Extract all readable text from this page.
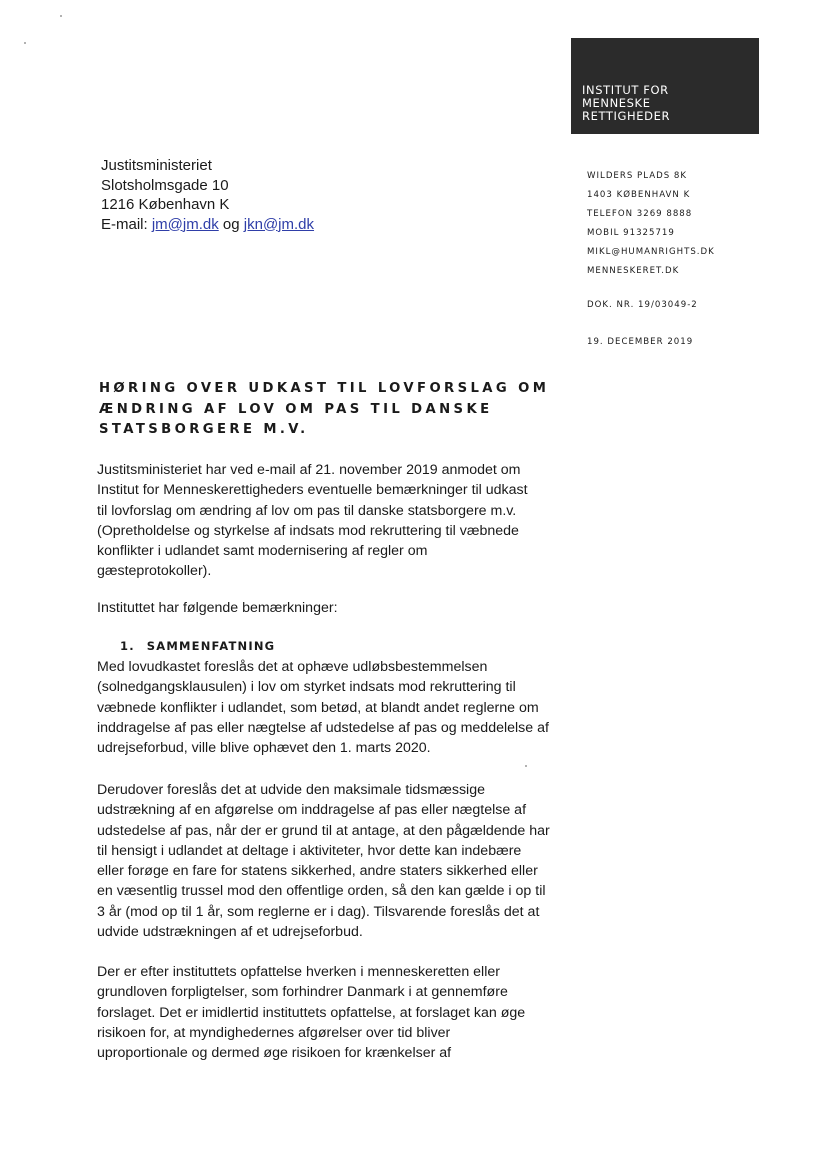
INSTITUT FOR
MENNESKE
RETTIGHEDER
Justitsministeriet
Slotsholmsgade 10
1216 København K
E-mail: jm@jm.dk og jkn@jm.dk
WILDERS PLADS 8K
1403 KØBENHAVN K
TELEFON 3269 8888
MOBIL 91325719
MIKL@HUMANRIGHTS.DK
MENNESKERET.DK
DOK. NR. 19/03049-2
19. DECEMBER 2019
HØRING OVER UDKAST TIL LOVFORSLAG OM
ÆNDRING AF LOV OM PAS TIL DANSKE
STATSBORGERE M.V.
Justitsministeriet har ved e-mail af 21. november 2019 anmodet om
Institut for Menneskerettigheders eventuelle bemærkninger til udkast
til lovforslag om ændring af lov om pas til danske statsborgere m.v.
(Opretholdelse og styrkelse af indsats mod rekruttering til væbnede
konflikter i udlandet samt modernisering af regler om
gæsteprotokoller).
Instituttet har følgende bemærkninger:
1. SAMMENFATNING
Med lovudkastet foreslås det at ophæve udløbsbestemmelsen
(solnedgangsklausulen) i lov om styrket indsats mod rekruttering til
væbnede konflikter i udlandet, som betød, at blandt andet reglerne om
inddragelse af pas eller nægtelse af udstedelse af pas og meddelelse af
udrejseforbud, ville blive ophævet den 1. marts 2020.
Derudover foreslås det at udvide den maksimale tidsmæssige
udstrækning af en afgørelse om inddragelse af pas eller nægtelse af
udstedelse af pas, når der er grund til at antage, at den pågældende har
til hensigt i udlandet at deltage i aktiviteter, hvor dette kan indebære
eller forøge en fare for statens sikkerhed, andre staters sikkerhed eller
en væsentlig trussel mod den offentlige orden, så den kan gælde i op til
3 år (mod op til 1 år, som reglerne er i dag). Tilsvarende foreslås det at
udvide udstrækningen af et udrejseforbud.
Der er efter instituttets opfattelse hverken i menneskeretten eller
grundloven forpligtelser, som forhindrer Danmark i at gennemføre
forslaget. Det er imidlertid instituttets opfattelse, at forslaget kan øge
risikoen for, at myndighedernes afgørelser over tid bliver
uproportionale og dermed øge risikoen for krænkelser af
